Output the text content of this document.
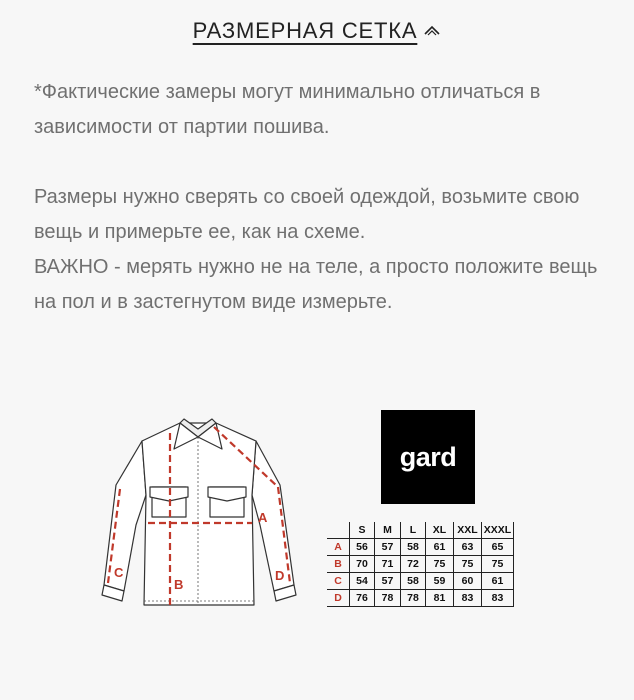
РАЗМЕРНАЯ СЕТКА

*Фактические замеры могут минимально отличаться в зависимости от партии пошива.

Размеры нужно сверять со своей одеждой, возьмите свою вещь и примерьте ее, как на схеме.
ВАЖНО - мерять нужно не на теле, а просто положите вещь на пол и в застегнутом виде измерьте.
A
B
C	D
gard
	S	M	L	XL	XXL	XXXL
A	56	57	58	61	63	65
B	70	71	72	75	75	75
C	54	57	58	59	60	61
D	76	78	78	81	83	83
